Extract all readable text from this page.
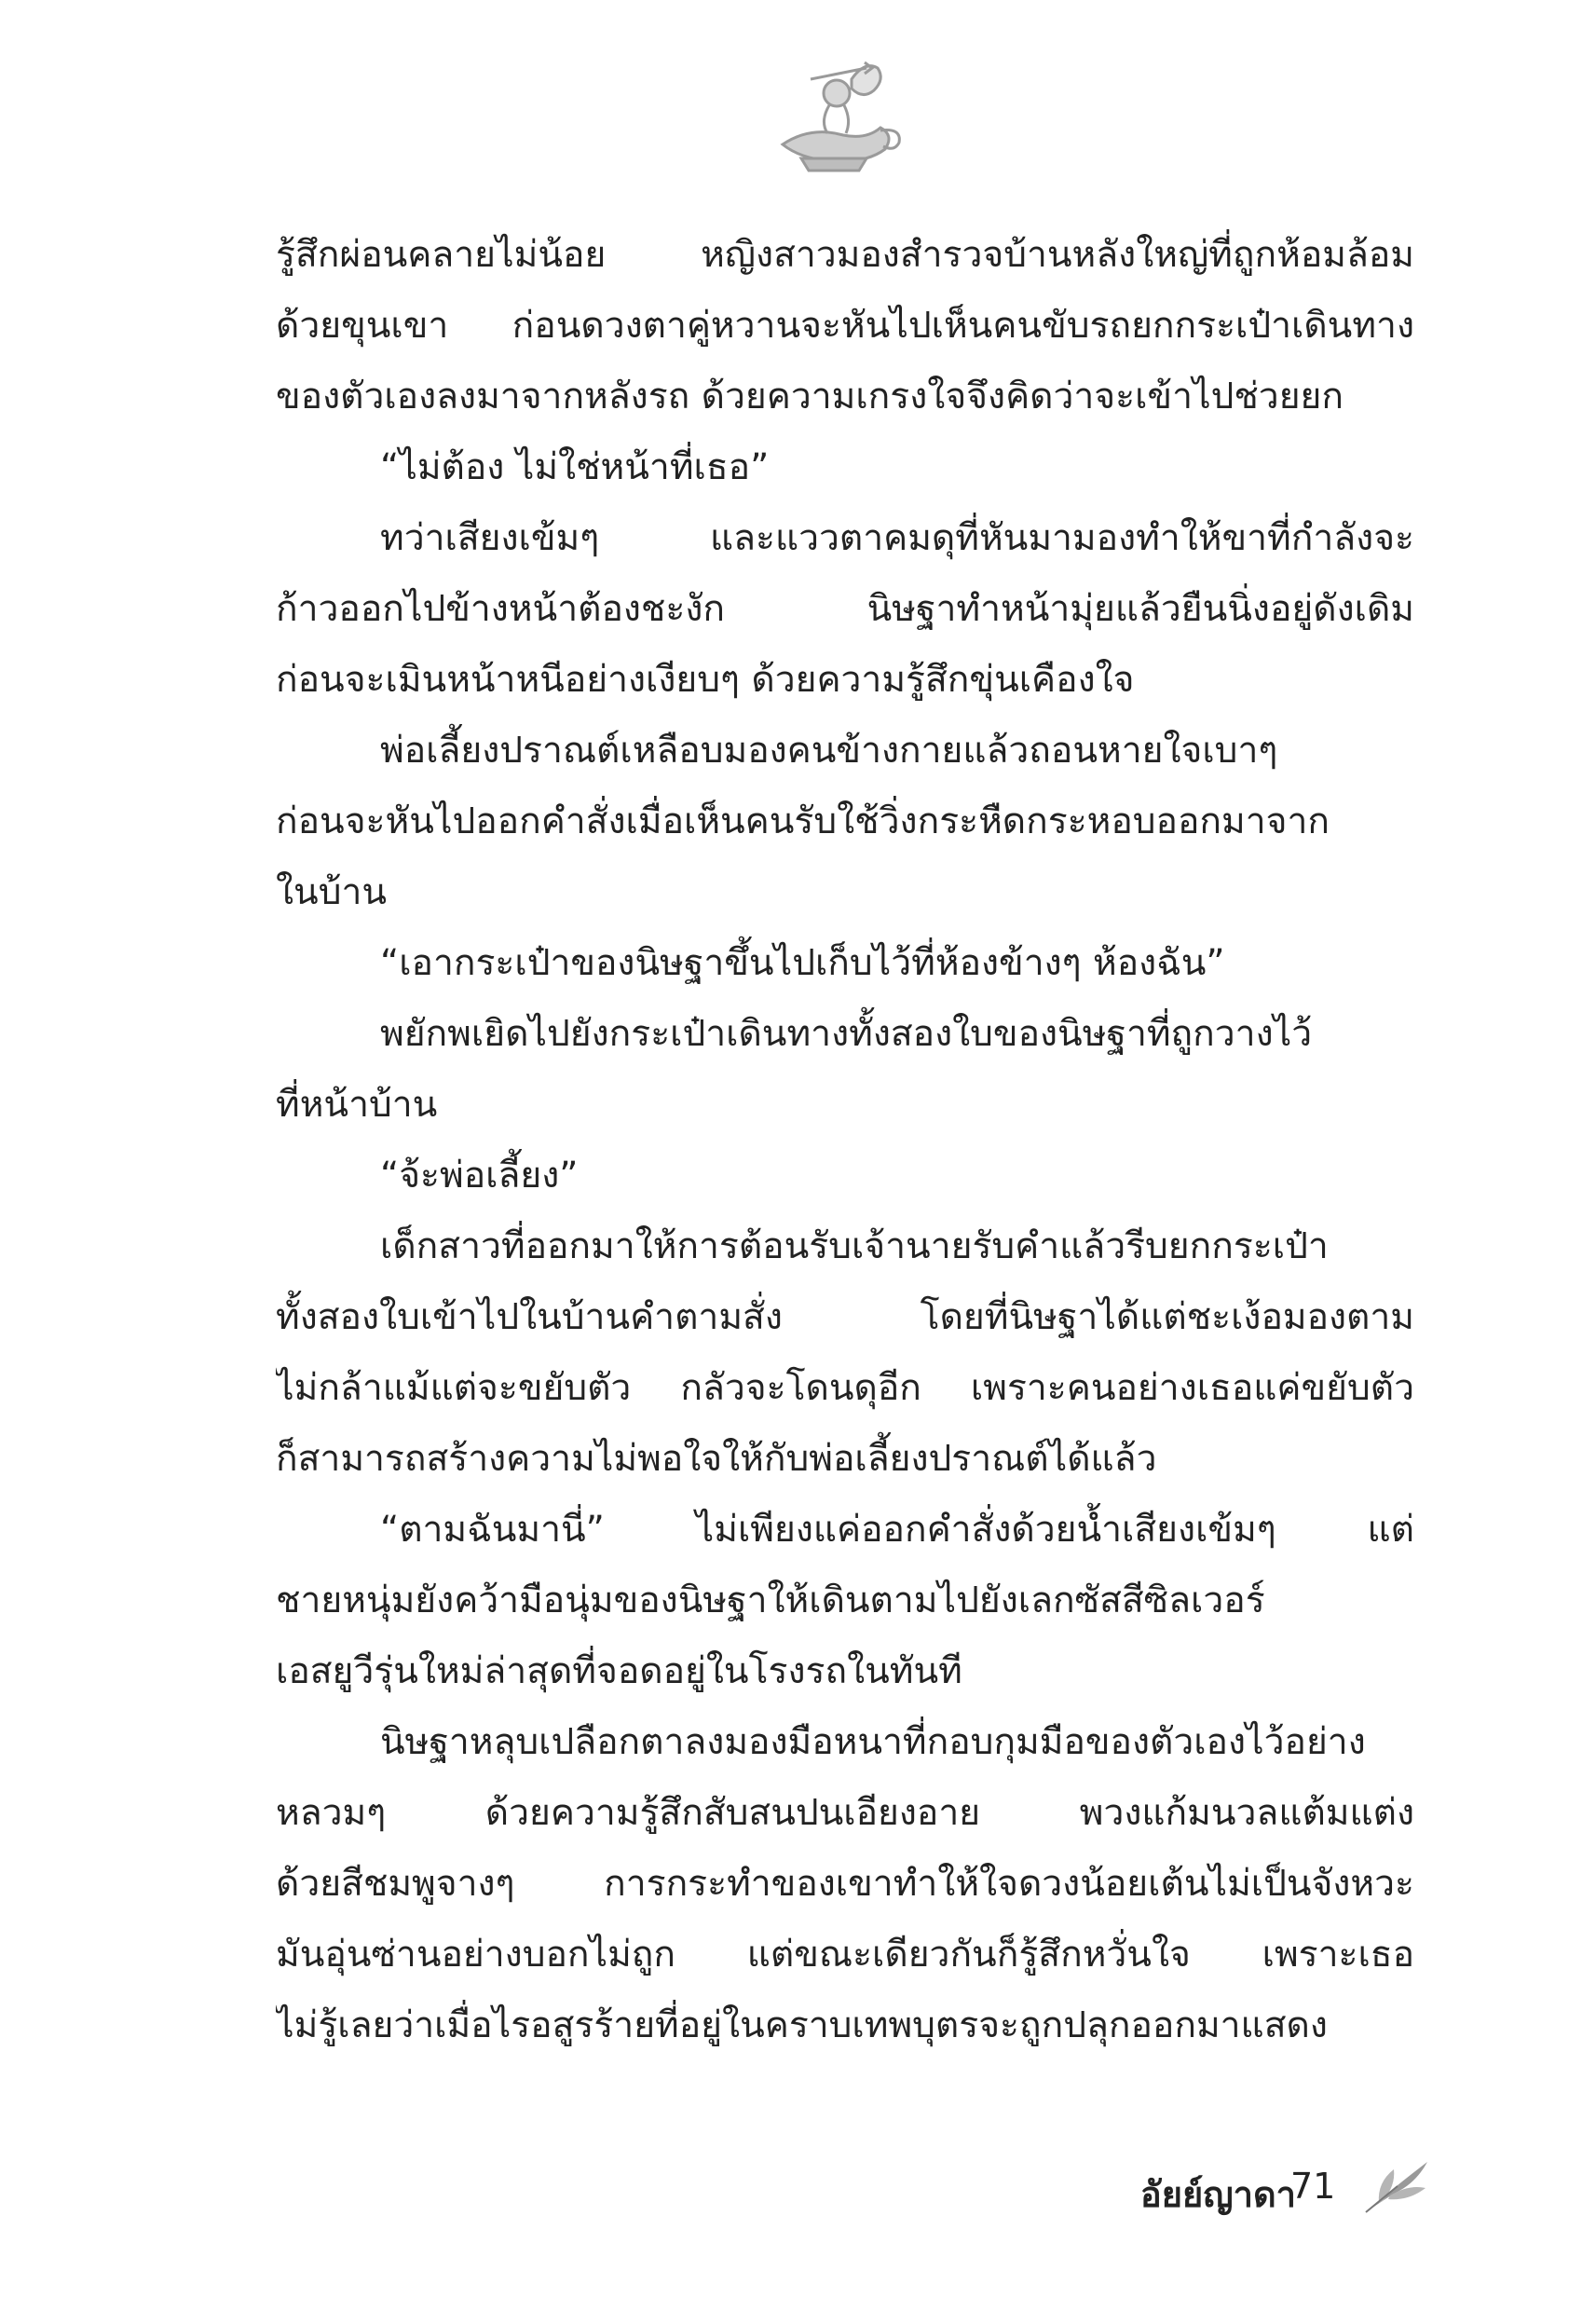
รู้สึกผ่อนคลายไม่น้อย หญิงสาวมองสำรวจบ้านหลังใหญ่ที่ถูกห้อมล้อม
ด้วยขุนเขา ก่อนดวงตาคู่หวานจะหันไปเห็นคนขับรถยกกระเป๋าเดินทาง
ของตัวเองลงมาจากหลังรถ ด้วยความเกรงใจจึงคิดว่าจะเข้าไปช่วยยก
“ไม่ต้อง ไม่ใช่หน้าที่เธอ”
ทว่าเสียงเข้มๆ และแววตาคมดุที่หันมามองทำให้ขาที่กำลังจะ
ก้าวออกไปข้างหน้าต้องชะงัก นิษฐาทำหน้ามุ่ยแล้วยืนนิ่งอยู่ดังเดิม
ก่อนจะเมินหน้าหนีอย่างเงียบๆ ด้วยความรู้สึกขุ่นเคืองใจ
พ่อเลี้ยงปราณต์เหลือบมองคนข้างกายแล้วถอนหายใจเบาๆ
ก่อนจะหันไปออกคำสั่งเมื่อเห็นคนรับใช้วิ่งกระหืดกระหอบออกมาจาก
ในบ้าน
“เอากระเป๋าของนิษฐาขึ้นไปเก็บไว้ที่ห้องข้างๆ ห้องฉัน”
พยักพเยิดไปยังกระเป๋าเดินทางทั้งสองใบของนิษฐาที่ถูกวางไว้
ที่หน้าบ้าน
“จ้ะพ่อเลี้ยง”
เด็กสาวที่ออกมาให้การต้อนรับเจ้านายรับคำแล้วรีบยกกระเป๋า
ทั้งสองใบเข้าไปในบ้านคำตามสั่ง โดยที่นิษฐาได้แต่ชะเง้อมองตาม
ไม่กล้าแม้แต่จะขยับตัว กลัวจะโดนดุอีก เพราะคนอย่างเธอแค่ขยับตัว
ก็สามารถสร้างความไม่พอใจให้กับพ่อเลี้ยงปราณต์ได้แล้ว
“ตามฉันมานี่” ไม่เพียงแค่ออกคำสั่งด้วยน้ำเสียงเข้มๆ แต่
ชายหนุ่มยังคว้ามือนุ่มของนิษฐาให้เดินตามไปยังเลกซัสสีซิลเวอร์
เอสยูวีรุ่นใหม่ล่าสุดที่จอดอยู่ในโรงรถในทันที
นิษฐาหลุบเปลือกตาลงมองมือหนาที่กอบกุมมือของตัวเองไว้อย่าง
หลวมๆ ด้วยความรู้สึกสับสนปนเอียงอาย พวงแก้มนวลแต้มแต่ง
ด้วยสีชมพูจางๆ การกระทำของเขาทำให้ใจดวงน้อยเต้นไม่เป็นจังหวะ
มันอุ่นซ่านอย่างบอกไม่ถูก แต่ขณะเดียวกันก็รู้สึกหวั่นใจ เพราะเธอ
ไม่รู้เลยว่าเมื่อไรอสูรร้ายที่อยู่ในคราบเทพบุตรจะถูกปลุกออกมาแสดง
อัยย์ญาดา
71
